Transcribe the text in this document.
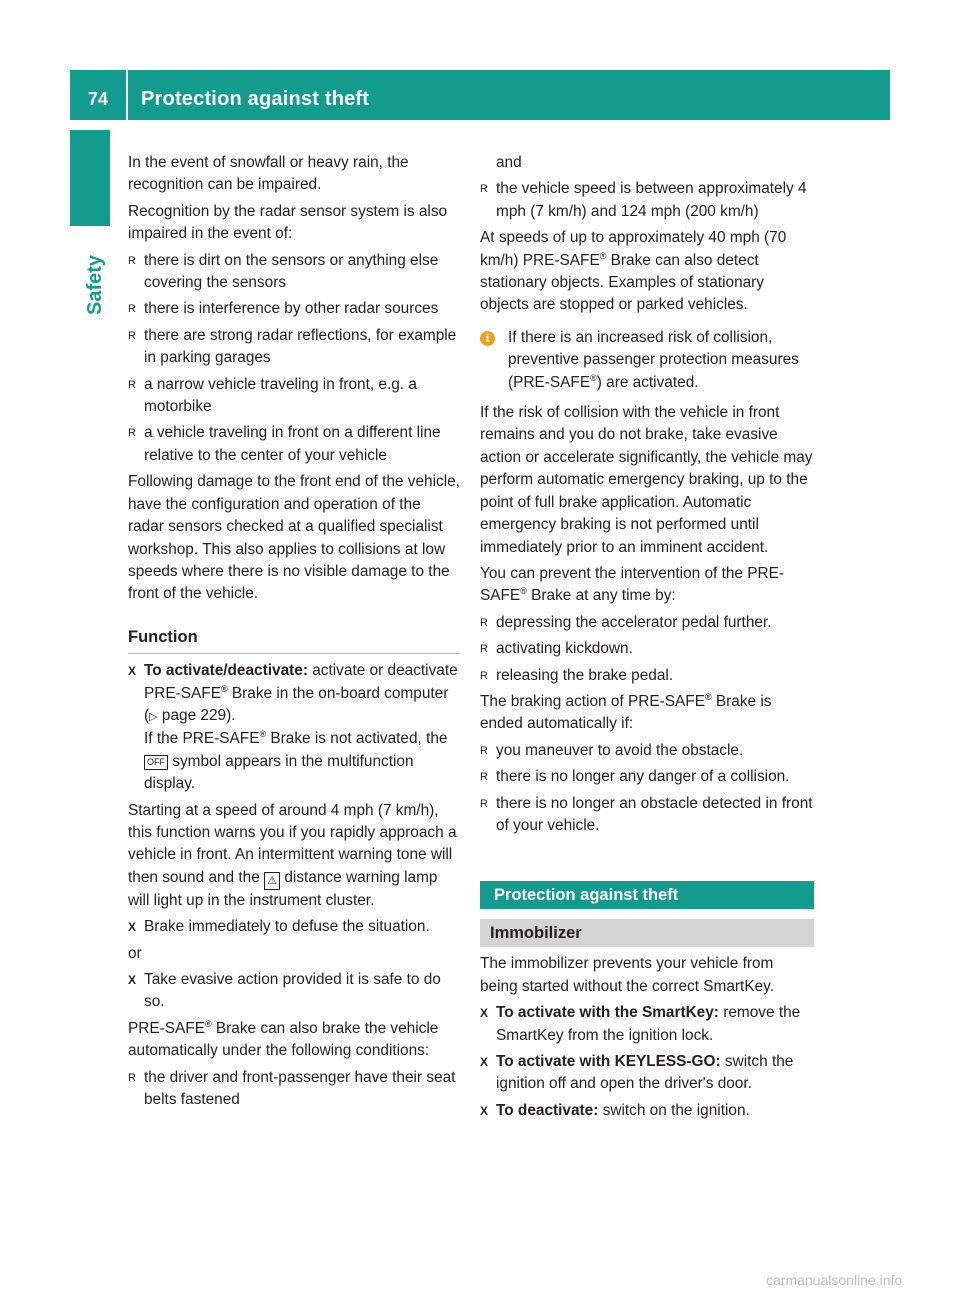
74	Protection against theft
Safety

In the event of snowfall or heavy rain, the recognition can be impaired.

Recognition by the radar sensor system is also impaired in the event of:

R there is dirt on the sensors or anything else covering the sensors
R there is interference by other radar sources
R there are strong radar reflections, for example in parking garages
R a narrow vehicle traveling in front, e.g. a motorbike
R a vehicle traveling in front on a different line relative to the center of your vehicle

Following damage to the front end of the vehicle, have the configuration and operation of the radar sensors checked at a qualified specialist workshop. This also applies to collisions at low speeds where there is no visible damage to the front of the vehicle.

Function
X To activate/deactivate: activate or deactivate PRE-SAFE® Brake in the on-board computer (▷ page 229).
If the PRE-SAFE® Brake is not activated, the OFF symbol appears in the multifunction display.

Starting at a speed of around 4 mph (7 km/h), this function warns you if you rapidly approach a vehicle in front. An intermittent warning tone will then sound and the ⚠ distance warning lamp will light up in the instrument cluster.

X Brake immediately to defuse the situation.

or

X Take evasive action provided it is safe to do so.

PRE-SAFE® Brake can also brake the vehicle automatically under the following conditions:

R the driver and front-passenger have their seat belts fastened

and

R the vehicle speed is between approximately 4 mph (7 km/h) and 124 mph (200 km/h)

At speeds of up to approximately 40 mph (70 km/h) PRE-SAFE® Brake can also detect stationary objects. Examples of stationary objects are stopped or parked vehicles.

i	If there is an increased risk of collision, preventive passenger protection measures (PRE-SAFE®) are activated.

If the risk of collision with the vehicle in front remains and you do not brake, take evasive action or accelerate significantly, the vehicle may perform automatic emergency braking, up to the point of full brake application. Automatic emergency braking is not performed until immediately prior to an imminent accident.

You can prevent the intervention of the PRE-SAFE® Brake at any time by:

R depressing the accelerator pedal further.
R activating kickdown.
R releasing the brake pedal.

The braking action of PRE-SAFE® Brake is ended automatically if:

R you maneuver to avoid the obstacle.
R there is no longer any danger of a collision.
R there is no longer an obstacle detected in front of your vehicle.
Protection against theft
Immobilizer

The immobilizer prevents your vehicle from being started without the correct SmartKey.

X To activate with the SmartKey: remove the SmartKey from the ignition lock.
X To activate with KEYLESS-GO: switch the ignition off and open the driver's door.
X To deactivate: switch on the ignition.
carmanualsonline.info
